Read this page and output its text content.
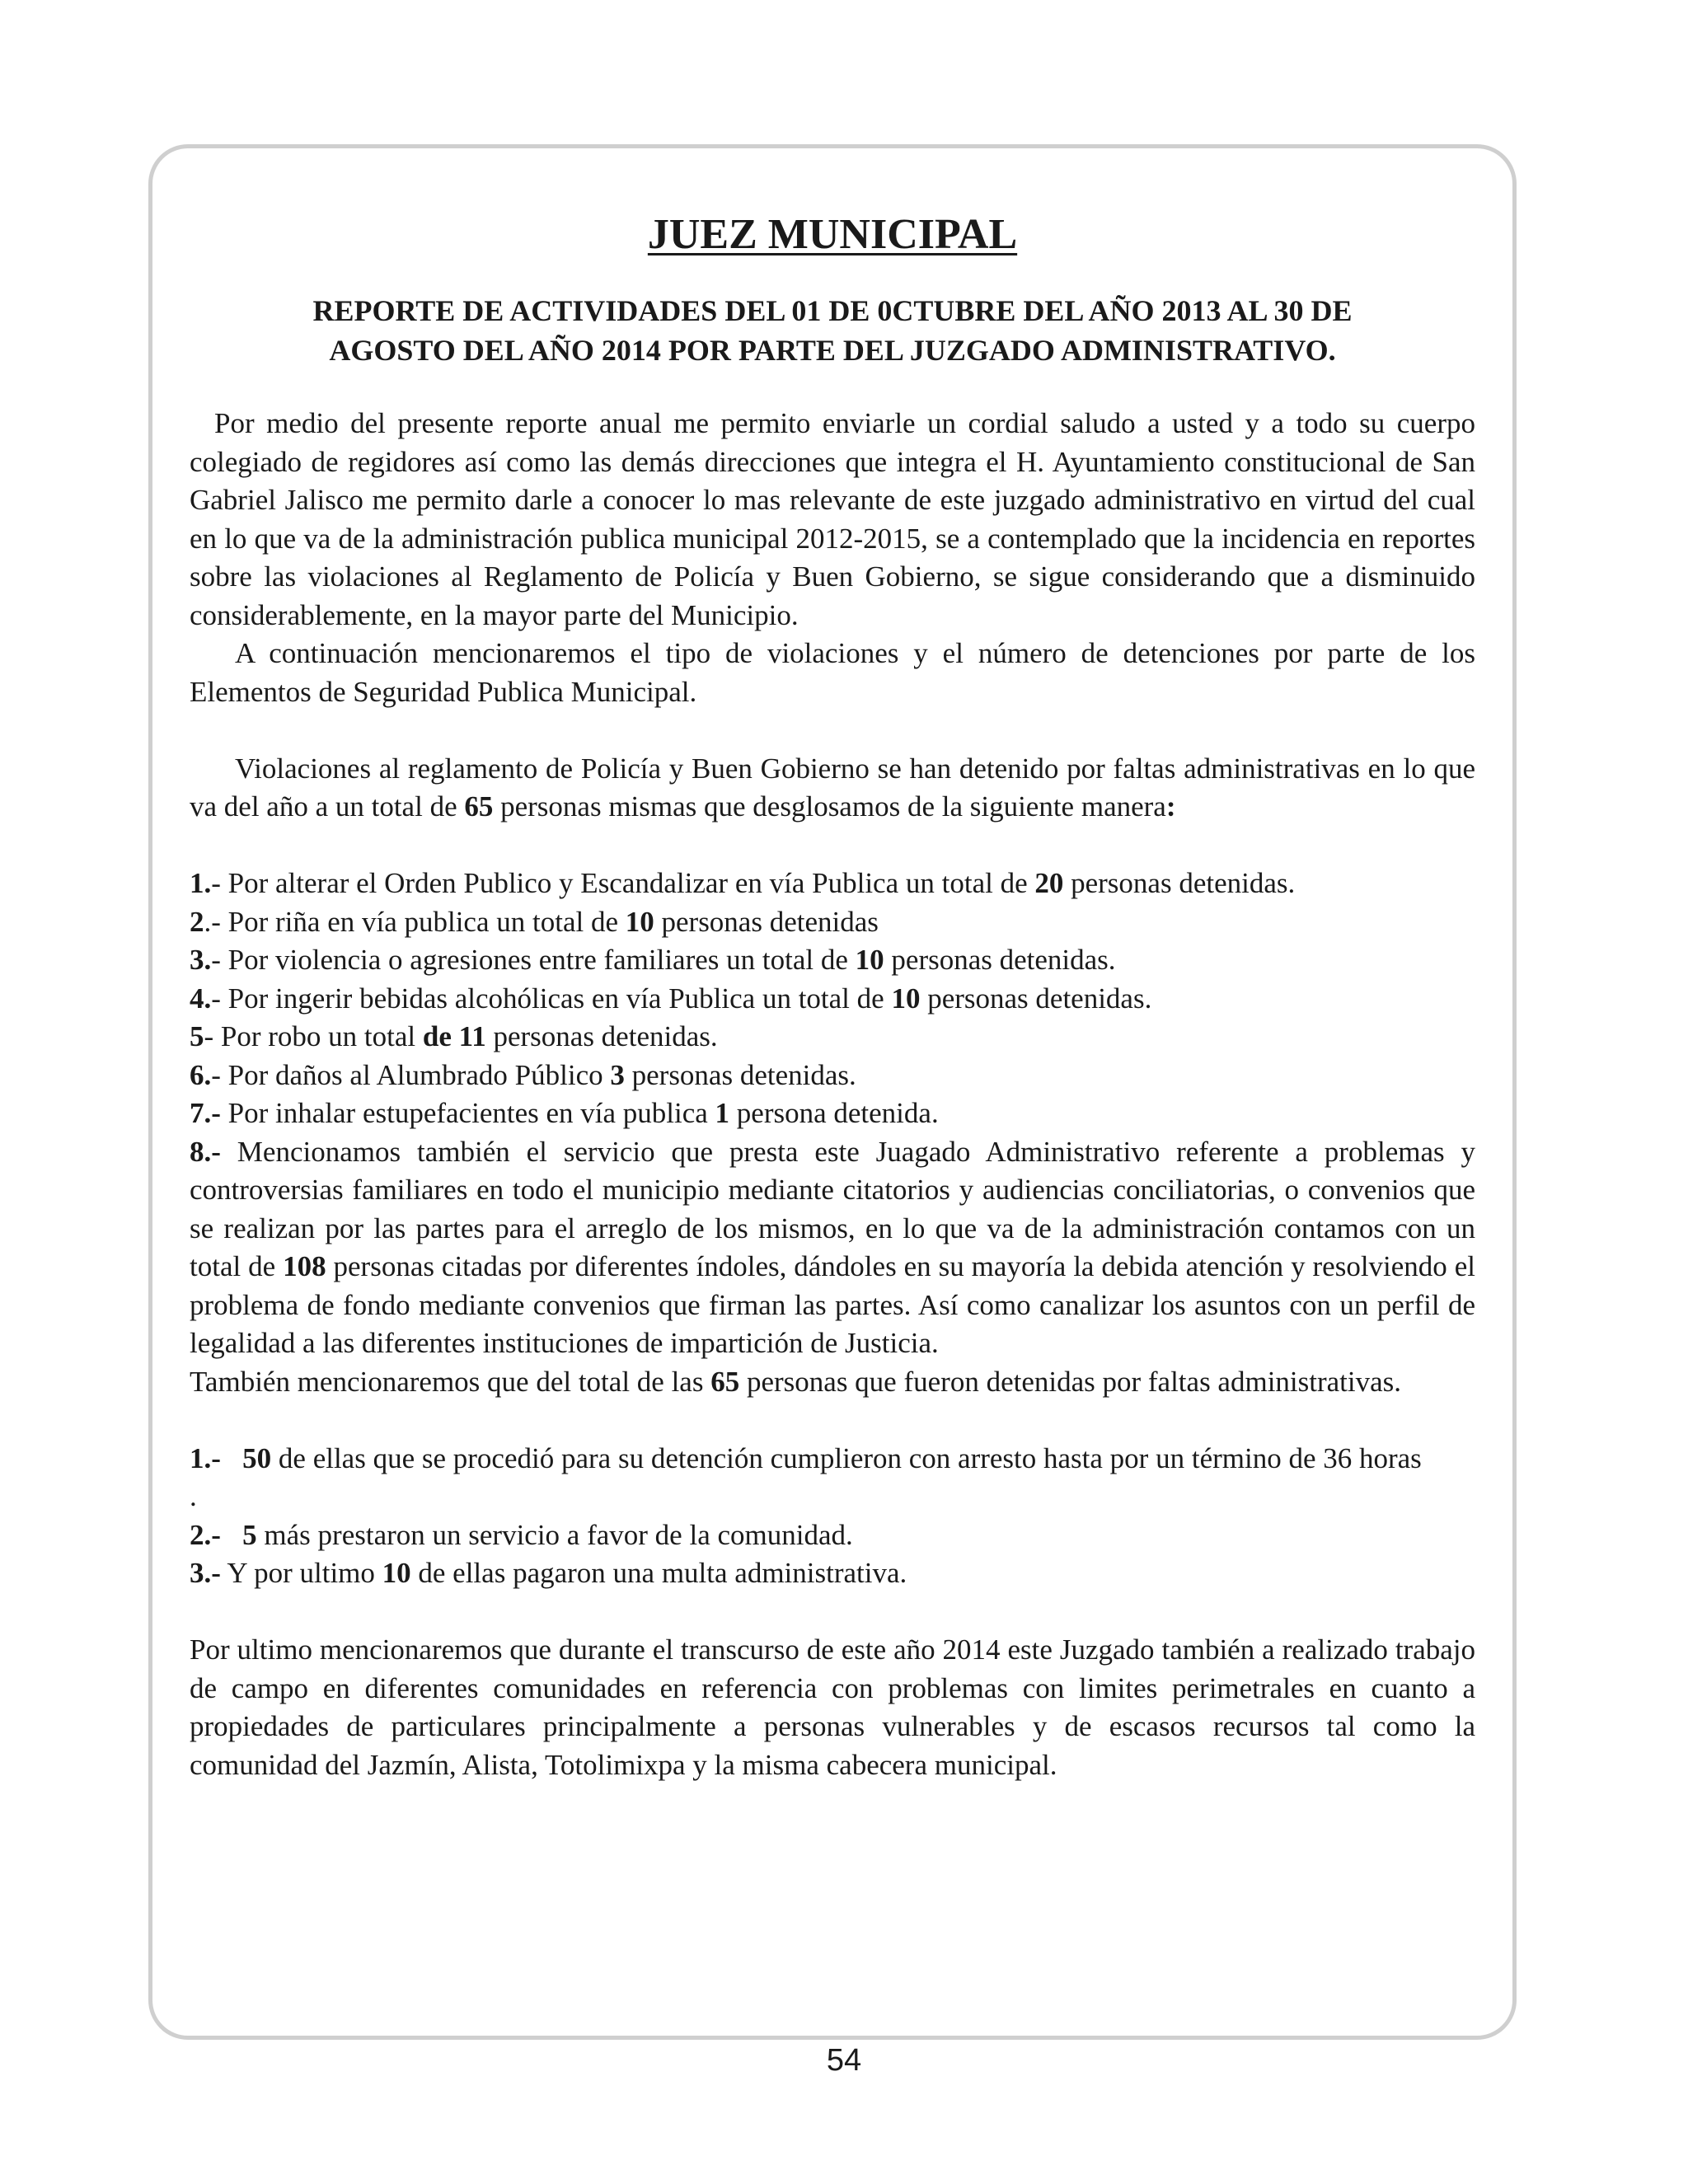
JUEZ MUNICIPAL
REPORTE DE ACTIVIDADES DEL 01 DE 0CTUBRE DEL AÑO 2013 AL 30 DE
AGOSTO DEL AÑO 2014 POR PARTE DEL JUZGADO ADMINISTRATIVO.

Por medio del presente reporte anual me permito enviarle un cordial saludo a usted y a todo su cuerpo colegiado de regidores así como las demás direcciones que integra el H. Ayuntamiento constitucional de San Gabriel Jalisco me permito darle a conocer lo mas relevante de este juzgado administrativo en virtud del cual en lo que va de la administración publica municipal 2012-2015, se a contemplado que la incidencia en reportes sobre las violaciones al Reglamento de Policía y Buen Gobierno, se sigue considerando que a disminuido considerablemente, en la mayor parte del Municipio.

A continuación mencionaremos el tipo de violaciones y el número de detenciones por parte de los Elementos de Seguridad Publica Municipal.

Violaciones al reglamento de Policía y Buen Gobierno se han detenido por faltas administrativas en lo que va del año a un total de 65 personas mismas que desglosamos de la siguiente manera:

1.- Por alterar el Orden Publico y Escandalizar en vía Publica un total de 20 personas detenidas.

2.- Por riña en vía publica un total de 10 personas detenidas

3.- Por violencia o agresiones entre familiares un total de 10 personas detenidas.

4.- Por ingerir bebidas alcohólicas en vía Publica un total de 10 personas detenidas.

5- Por robo un total de 11 personas detenidas.

6.- Por daños al Alumbrado Público 3 personas detenidas.

7.- Por inhalar estupefacientes en vía publica 1 persona detenida.

8.- Mencionamos también el servicio que presta este Juagado Administrativo referente a problemas y controversias familiares en todo el municipio mediante citatorios y audiencias conciliatorias, o convenios que se realizan por las partes para el arreglo de los mismos, en lo que va de la administración contamos con un total de 108 personas citadas por diferentes índoles, dándoles en su mayoría la debida atención y resolviendo el problema de fondo mediante convenios que firman las partes. Así como canalizar los asuntos con un perfil de legalidad a las diferentes instituciones de impartición de Justicia.

También mencionaremos que del total de las 65 personas que fueron detenidas por faltas administrativas.

1.- 50 de ellas que se procedió para su detención cumplieron con arresto hasta por un término de 36 horas

.

2.- 5 más prestaron un servicio a favor de la comunidad.

3.- Y por ultimo 10 de ellas pagaron una multa administrativa.

Por ultimo mencionaremos que durante el transcurso de este año 2014 este Juzgado también a realizado trabajo de campo en diferentes comunidades en referencia con problemas con limites perimetrales en cuanto a propiedades de particulares principalmente a personas vulnerables y de escasos recursos tal como la comunidad del Jazmín, Alista, Totolimixpa y la misma cabecera municipal.

54
